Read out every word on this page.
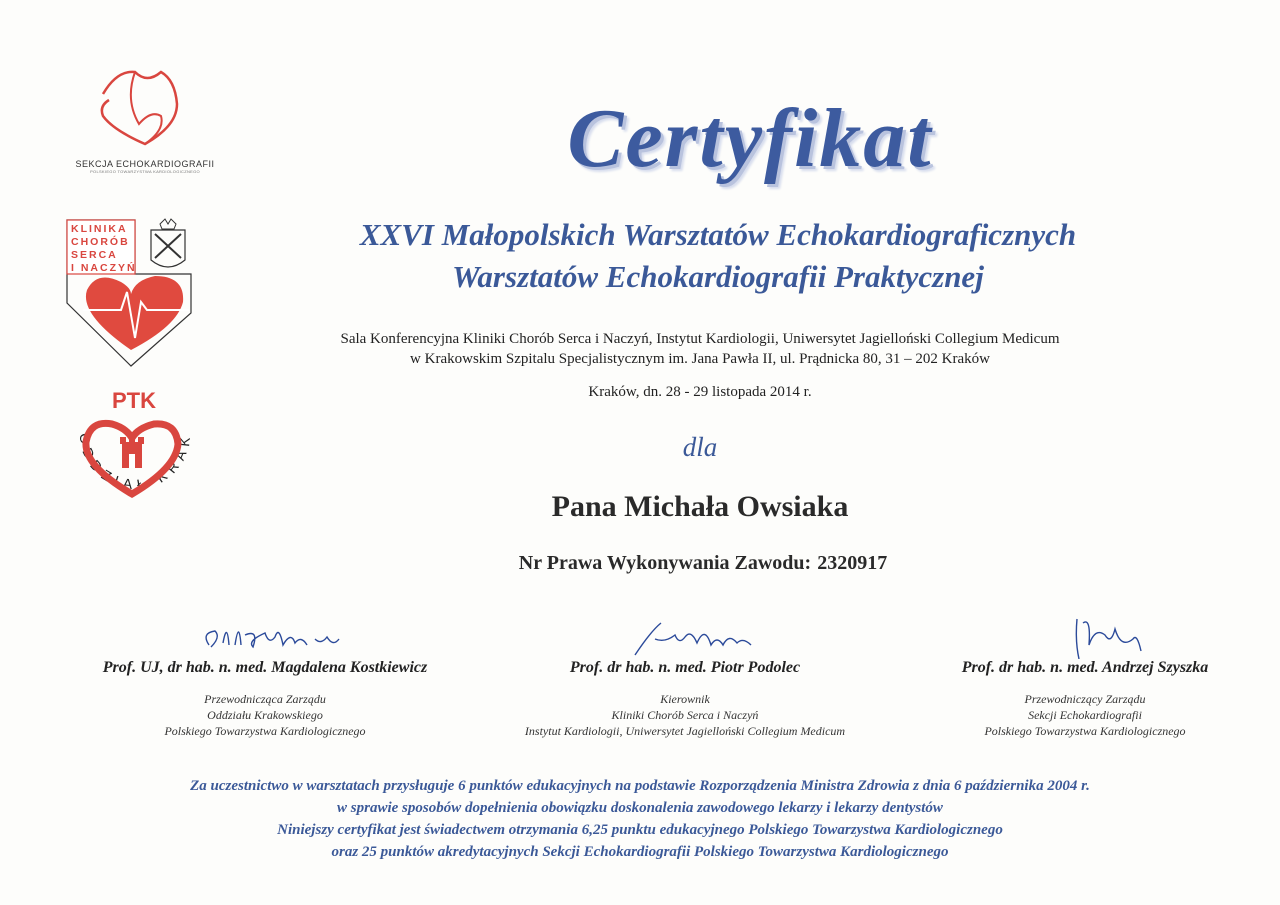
SEKCJA ECHOKARDIOGRAFII
POLSKIEGO TOWARZYSTWA KARDIOLOGICZNEGO
KLINIKA
CHORÓB
SERCA
I NACZYŃ
PTK
ODDZIAŁ KRAK
Certyfikat
XXVI Małopolskich Warsztatów Echokardiograficznych
Warsztatów Echokardiografii Praktycznej
Sala Konferencyjna Kliniki Chorób Serca i Naczyń, Instytut Kardiologii, Uniwersytet Jagielloński Collegium Medicum
w Krakowskim Szpitalu Specjalistycznym im. Jana Pawła II, ul. Prądnicka 80, 31 – 202 Kraków
Kraków, dn. 28 - 29 listopada 2014 r.
dla
Pana Michała Owsiaka
Nr Prawa Wykonywania Zawodu: 2320917
Prof. UJ, dr hab. n. med. Magdalena Kostkiewicz
Przewodnicząca Zarządu
Oddziału Krakowskiego
Polskiego Towarzystwa Kardiologicznego
Prof. dr hab. n. med. Piotr Podolec
Kierownik
Kliniki Chorób Serca i Naczyń
Instytut Kardiologii, Uniwersytet Jagielloński Collegium Medicum
Prof. dr hab. n. med. Andrzej Szyszka
Przewodniczący Zarządu
Sekcji Echokardiografii
Polskiego Towarzystwa Kardiologicznego
Za uczestnictwo w warsztatach przysługuje 6 punktów edukacyjnych na podstawie Rozporządzenia Ministra Zdrowia z dnia 6 października 2004 r.
w sprawie sposobów dopełnienia obowiązku doskonalenia zawodowego lekarzy i lekarzy dentystów
Niniejszy certyfikat jest świadectwem otrzymania 6,25 punktu edukacyjnego Polskiego Towarzystwa Kardiologicznego
oraz 25 punktów akredytacyjnych Sekcji Echokardiografii Polskiego Towarzystwa Kardiologicznego
